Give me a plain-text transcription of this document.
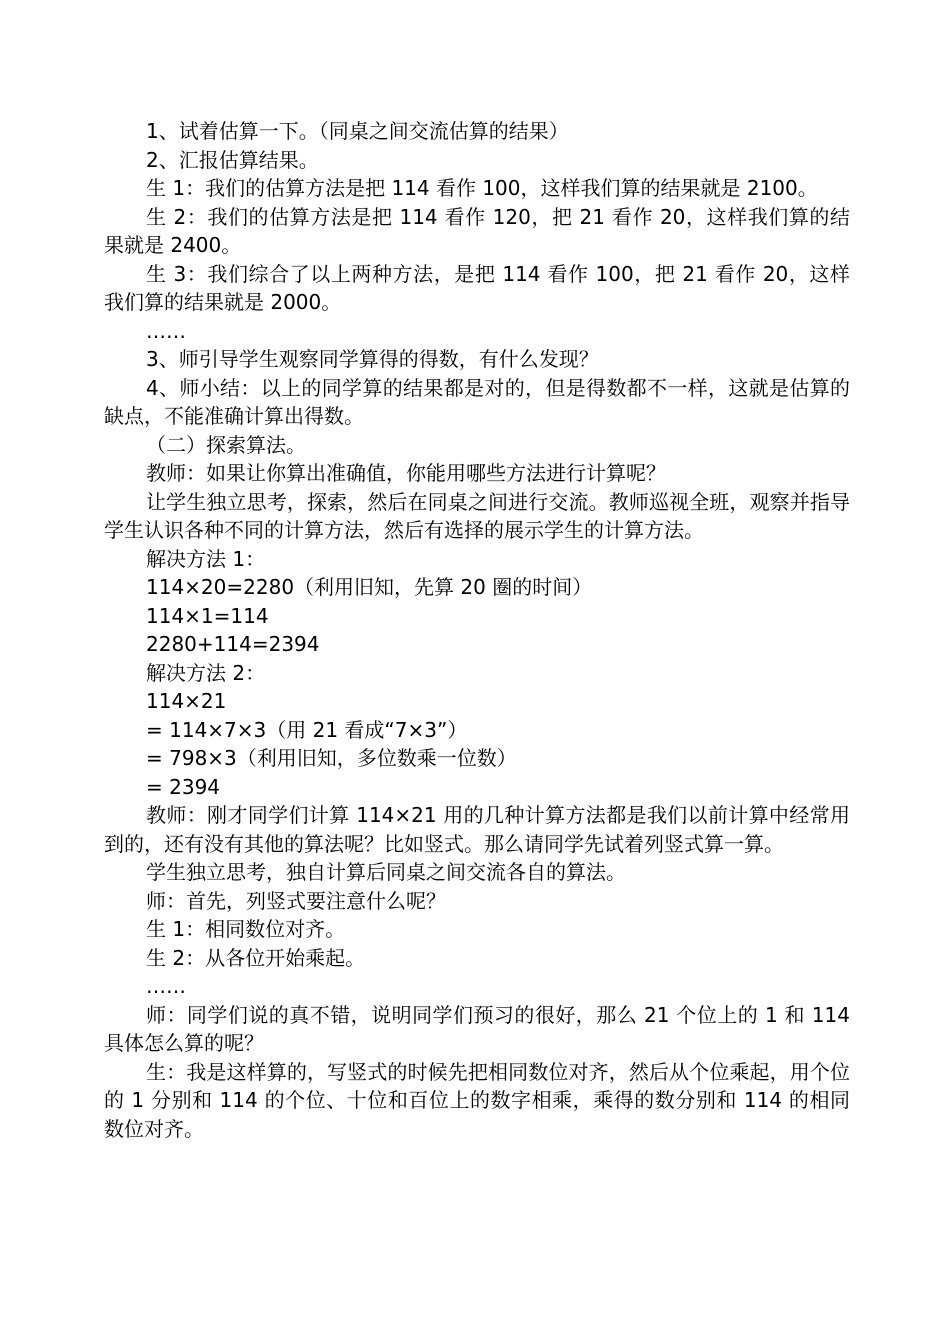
1、试着估算一下。（同桌之间交流估算的结果）

2、汇报估算结果。

生 1：我们的估算方法是把 114 看作 100，这样我们算的结果就是 2100。

生 2：我们的估算方法是把 114 看作 120，把 21 看作 20，这样我们算的结果就是 2400。

生 3：我们综合了以上两种方法，是把 114 看作 100，把 21 看作 20，这样我们算的结果就是 2000。

……

3、师引导学生观察同学算得的得数，有什么发现？

4、师小结：以上的同学算的结果都是对的，但是得数都不一样，这就是估算的缺点，不能准确计算出得数。

（二）探索算法。

教师：如果让你算出准确值，你能用哪些方法进行计算呢？

让学生独立思考，探索，然后在同桌之间进行交流。教师巡视全班，观察并指导学生认识各种不同的计算方法，然后有选择的展示学生的计算方法。

解决方法 1：

114×20=2280（利用旧知，先算 20 圈的时间）

114×1=114

2280+114=2394

解决方法 2：

114×21

= 114×7×3（用 21 看成“7×3”）

= 798×3（利用旧知，多位数乘一位数）

= 2394

教师：刚才同学们计算 114×21 用的几种计算方法都是我们以前计算中经常用到的，还有没有其他的算法呢？比如竖式。那么请同学先试着列竖式算一算。

学生独立思考，独自计算后同桌之间交流各自的算法。

师：首先，列竖式要注意什么呢？

生 1：相同数位对齐。

生 2：从各位开始乘起。

……

师：同学们说的真不错，说明同学们预习的很好，那么 21 个位上的 1 和 114 具体怎么算的呢？

生：我是这样算的，写竖式的时候先把相同数位对齐，然后从个位乘起，用个位的 1 分别和 114 的个位、十位和百位上的数字相乘，乘得的数分别和 114 的相同数位对齐。
